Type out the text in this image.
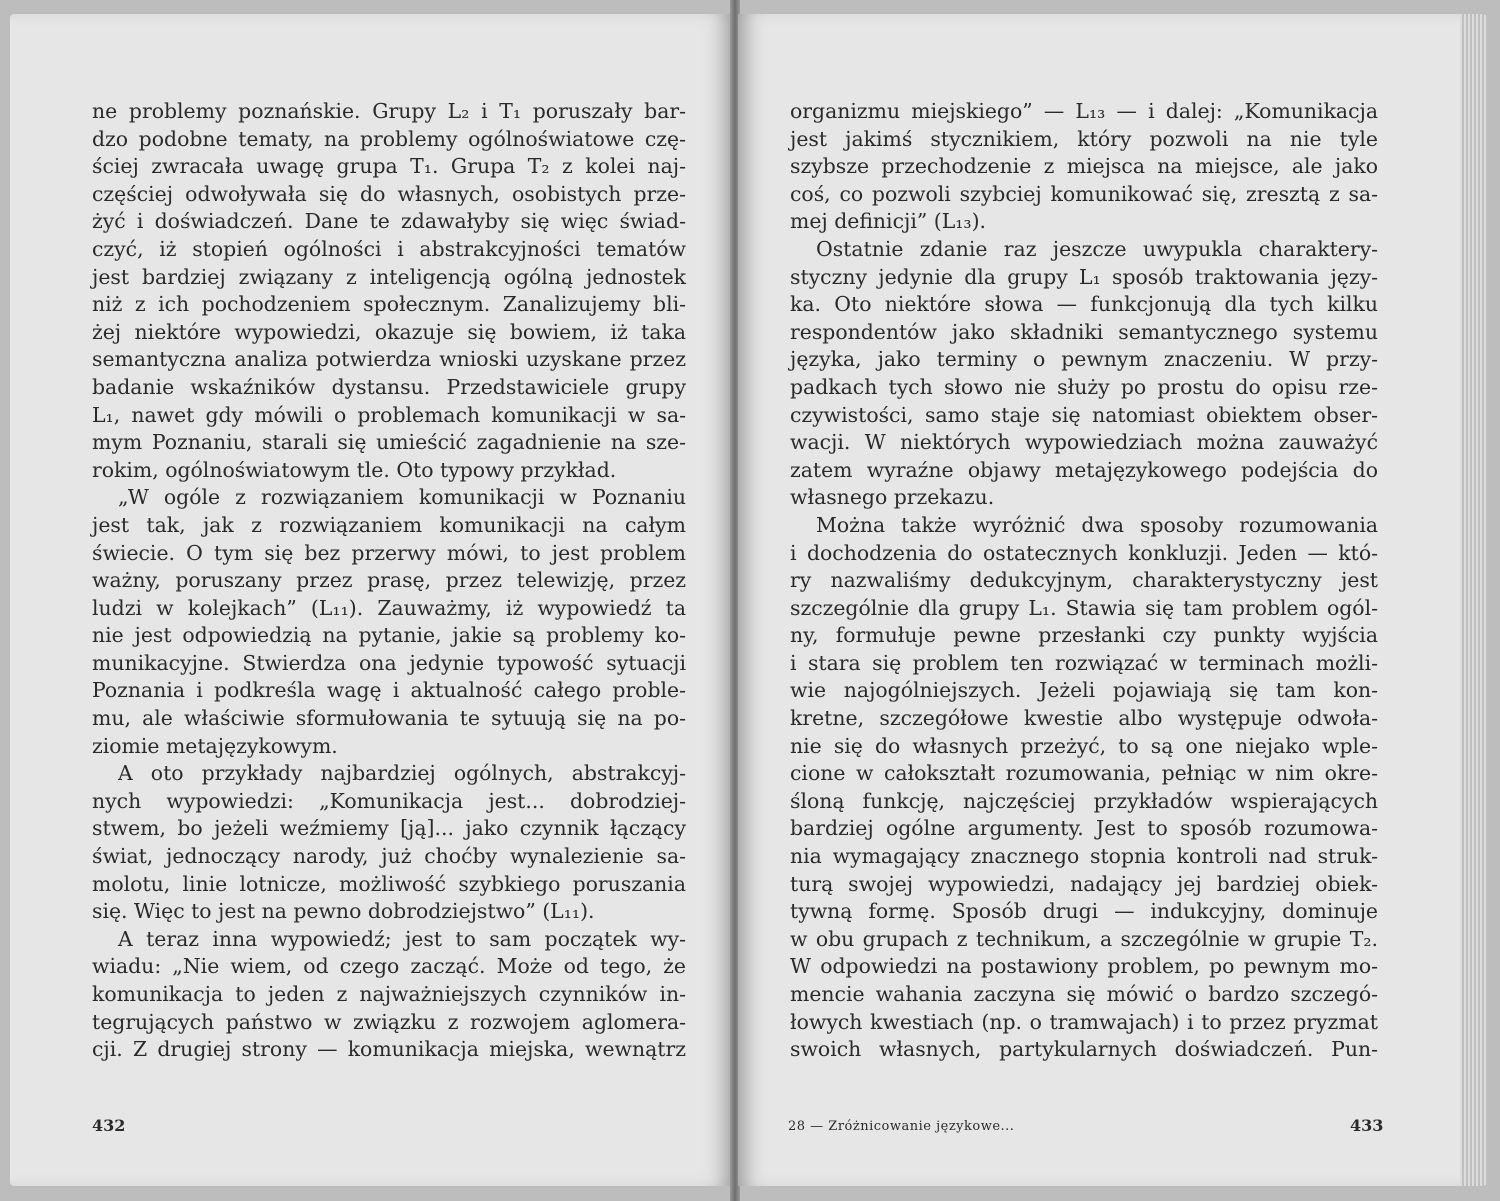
ne problemy poznańskie. Grupy L₂ i T₁ poruszały bar-
dzo podobne tematy, na problemy ogólnoświatowe czę-
ściej zwracała uwagę grupa T₁. Grupa T₂ z kolei naj-
częściej odwoływała się do własnych, osobistych prze-
żyć i doświadczeń. Dane te zdawałyby się więc świad-
czyć, iż stopień ogólności i abstrakcyjności tematów
jest bardziej związany z inteligencją ogólną jednostek
niż z ich pochodzeniem społecznym. Zanalizujemy bli-
żej niektóre wypowiedzi, okazuje się bowiem, iż taka
semantyczna analiza potwierdza wnioski uzyskane przez
badanie wskaźników dystansu. Przedstawiciele grupy
L₁, nawet gdy mówili o problemach komunikacji w sa-
mym Poznaniu, starali się umieścić zagadnienie na sze-
rokim, ogólnoświatowym tle. Oto typowy przykład.
„W ogóle z rozwiązaniem komunikacji w Poznaniu
jest tak, jak z rozwiązaniem komunikacji na całym
świecie. O tym się bez przerwy mówi, to jest problem
ważny, poruszany przez prasę, przez telewizję, przez
ludzi w kolejkach” (L₁₁). Zauważmy, iż wypowiedź ta
nie jest odpowiedzią na pytanie, jakie są problemy ko-
munikacyjne. Stwierdza ona jedynie typowość sytuacji
Poznania i podkreśla wagę i aktualność całego proble-
mu, ale właściwie sformułowania te sytuują się na po-
ziomie metajęzykowym.
A oto przykłady najbardziej ogólnych, abstrakcyj-
nych wypowiedzi: „Komunikacja jest... dobrodziej-
stwem, bo jeżeli weźmiemy [ją]... jako czynnik łączący
świat, jednoczący narody, już choćby wynalezienie sa-
molotu, linie lotnicze, możliwość szybkiego poruszania
się. Więc to jest na pewno dobrodziejstwo” (L₁₁).
A teraz inna wypowiedź; jest to sam początek wy-
wiadu: „Nie wiem, od czego zacząć. Może od tego, że
komunikacja to jeden z najważniejszych czynników in-
tegrujących państwo w związku z rozwojem aglomera-
cji. Z drugiej strony — komunikacja miejska, wewnątrz
432
organizmu miejskiego” — L₁₃ — i dalej: „Komunikacja
jest jakimś stycznikiem, który pozwoli na nie tyle
szybsze przechodzenie z miejsca na miejsce, ale jako
coś, co pozwoli szybciej komunikować się, zresztą z sa-
mej definicji” (L₁₃).
Ostatnie zdanie raz jeszcze uwypukla charaktery-
styczny jedynie dla grupy L₁ sposób traktowania języ-
ka. Oto niektóre słowa — funkcjonują dla tych kilku
respondentów jako składniki semantycznego systemu
języka, jako terminy o pewnym znaczeniu. W przy-
padkach tych słowo nie służy po prostu do opisu rze-
czywistości, samo staje się natomiast obiektem obser-
wacji. W niektórych wypowiedziach można zauważyć
zatem wyraźne objawy metajęzykowego podejścia do
własnego przekazu.
Można także wyróżnić dwa sposoby rozumowania
i dochodzenia do ostatecznych konkluzji. Jeden — któ-
ry nazwaliśmy dedukcyjnym, charakterystyczny jest
szczególnie dla grupy L₁. Stawia się tam problem ogól-
ny, formułuje pewne przesłanki czy punkty wyjścia
i stara się problem ten rozwiązać w terminach możli-
wie najogólniejszych. Jeżeli pojawiają się tam kon-
kretne, szczegółowe kwestie albo występuje odwoła-
nie się do własnych przeżyć, to są one niejako wple-
cione w całokształt rozumowania, pełniąc w nim okre-
śloną funkcję, najczęściej przykładów wspierających
bardziej ogólne argumenty. Jest to sposób rozumowa-
nia wymagający znacznego stopnia kontroli nad struk-
turą swojej wypowiedzi, nadający jej bardziej obiek-
tywną formę. Sposób drugi — indukcyjny, dominuje
w obu grupach z technikum, a szczególnie w grupie T₂.
W odpowiedzi na postawiony problem, po pewnym mo-
mencie wahania zaczyna się mówić o bardzo szczegó-
łowych kwestiach (np. o tramwajach) i to przez pryzmat
swoich własnych, partykularnych doświadczeń. Pun-
28 — Zróżnicowanie językowe...	433
